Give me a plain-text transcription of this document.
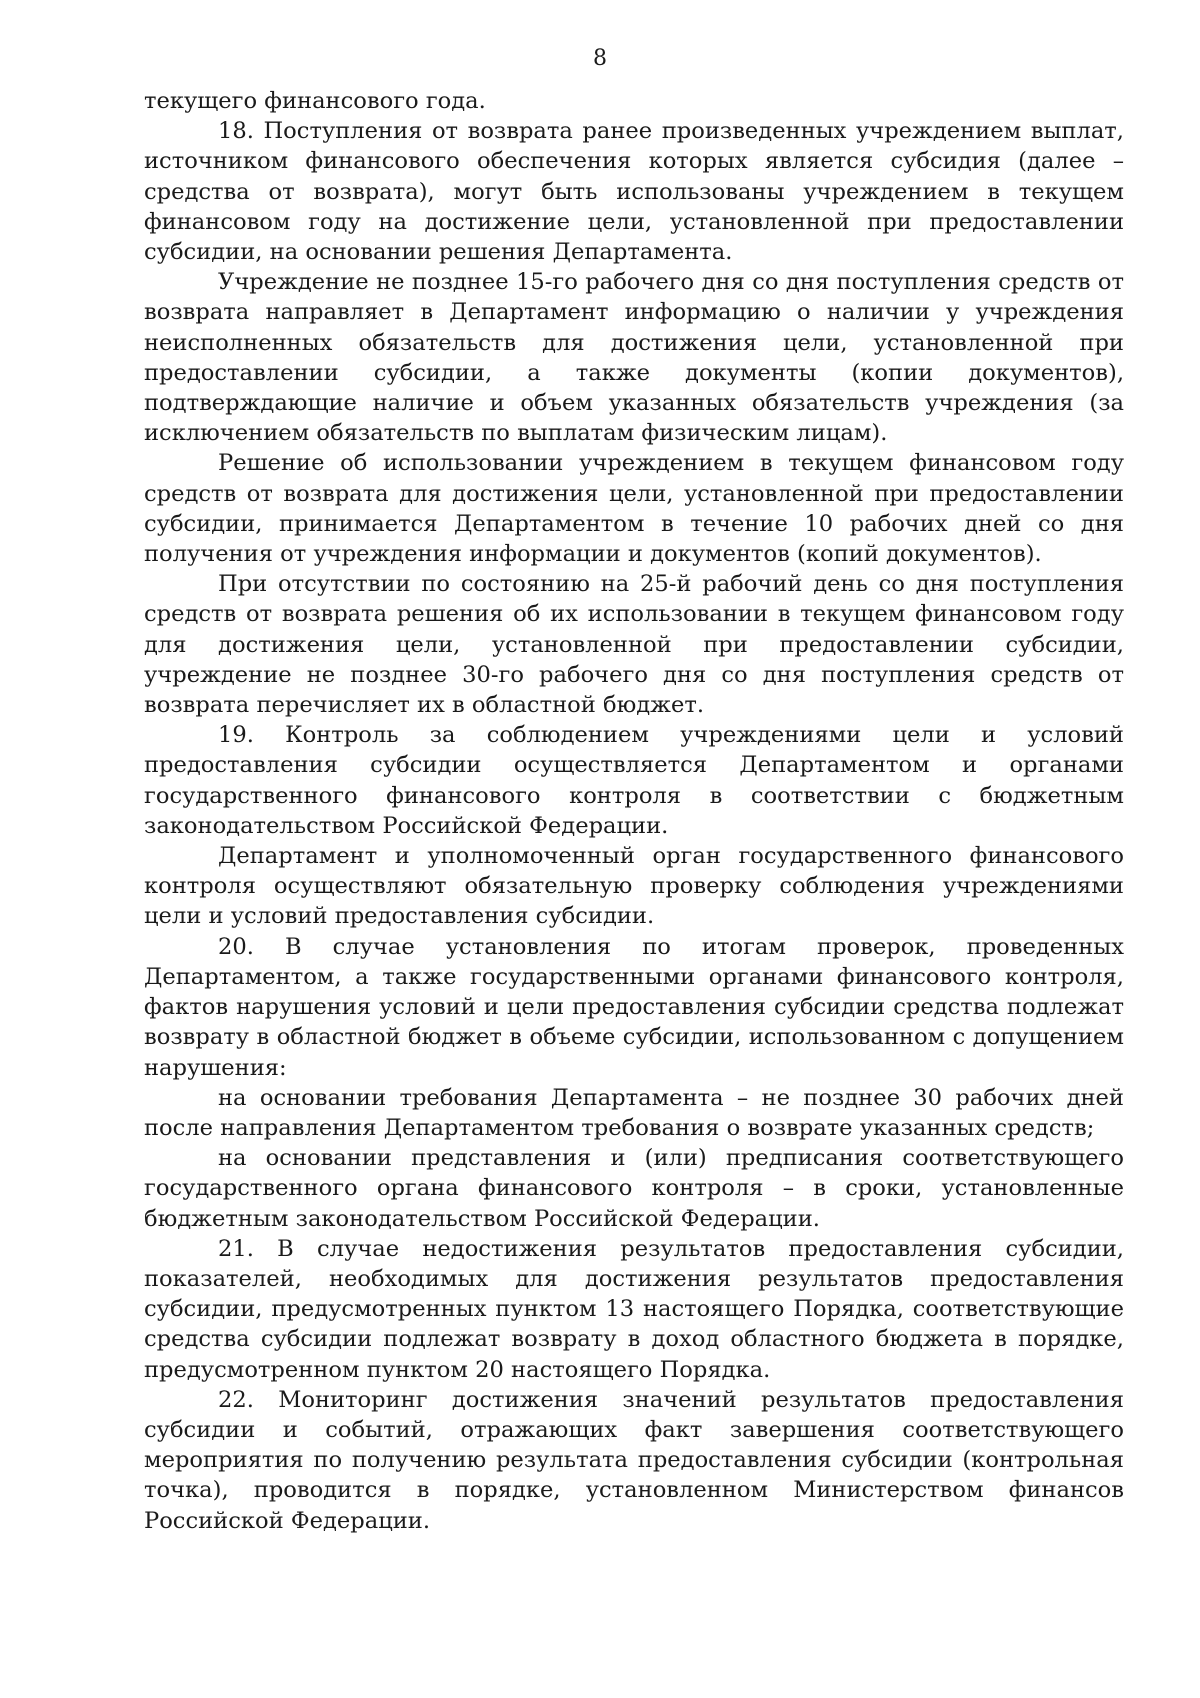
8

текущего финансового года.

18. Поступления от возврата ранее произведенных учреждением выплат, источником финансового обеспечения которых является субсидия (далее – средства от возврата), могут быть использованы учреждением в текущем финансовом году на достижение цели, установленной при предоставлении субсидии, на основании решения Департамента.

Учреждение не позднее 15-го рабочего дня со дня поступления средств от возврата направляет в Департамент информацию о наличии у учреждения неисполненных обязательств для достижения цели, установленной при предоставлении субсидии, а также документы (копии документов), подтверждающие наличие и объем указанных обязательств учреждения (за исключением обязательств по выплатам физическим лицам).

Решение об использовании учреждением в текущем финансовом году средств от возврата для достижения цели, установленной при предоставлении субсидии, принимается Департаментом в течение 10 рабочих дней со дня получения от учреждения информации и документов (копий документов).

При отсутствии по состоянию на 25-й рабочий день со дня поступления средств от возврата решения об их использовании в текущем финансовом году для достижения цели, установленной при предоставлении субсидии, учреждение не позднее 30-го рабочего дня со дня поступления средств от возврата перечисляет их в областной бюджет.

19. Контроль за соблюдением учреждениями цели и условий предоставления субсидии осуществляется Департаментом и органами государственного финансового контроля в соответствии с бюджетным законодательством Российской Федерации.

Департамент и уполномоченный орган государственного финансового контроля осуществляют обязательную проверку соблюдения учреждениями цели и условий предоставления субсидии.

20. В случае установления по итогам проверок, проведенных Департаментом, а также государственными органами финансового контроля, фактов нарушения условий и цели предоставления субсидии средства подлежат возврату в областной бюджет в объеме субсидии, использованном с допущением нарушения:

на основании требования Департамента – не позднее 30 рабочих дней после направления Департаментом требования о возврате указанных средств;

на основании представления и (или) предписания соответствующего государственного органа финансового контроля – в сроки, установленные бюджетным законодательством Российской Федерации.

21. В случае недостижения результатов предоставления субсидии, показателей, необходимых для достижения результатов предоставления субсидии, предусмотренных пунктом 13 настоящего Порядка, соответствующие средства субсидии подлежат возврату в доход областного бюджета в порядке, предусмотренном пунктом 20 настоящего Порядка.

22. Мониторинг достижения значений результатов предоставления субсидии и событий, отражающих факт завершения соответствующего мероприятия по получению результата предоставления субсидии (контрольная точка), проводится в порядке, установленном Министерством финансов Российской Федерации.
